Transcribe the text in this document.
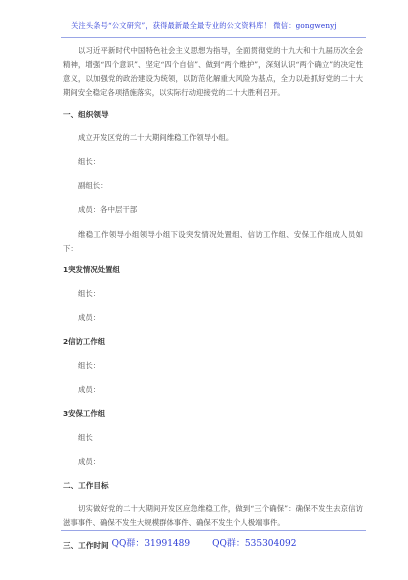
关注头条号“公文研究”，获得最新最全最专业的公文资料库！ 微信：gongwenyj

以习近平新时代中国特色社会主义思想为指导，全面贯彻党的十九大和十九届历次全会精神，增强“四个意识”、坚定“四个自信”、做到“两个维护”，深刻认识“两个确立”的决定性意义，以加强党的政治建设为统领，以防范化解重大风险为基点，全力以赴抓好党的二十大期间安全稳定各项措施落实，以实际行动迎接党的二十大胜利召开。

一、组织领导

成立开发区党的二十大期间维稳工作领导小组。

组长：

副组长：

成员：各中层干部

维稳工作领导小组领导小组下设突发情况处置组、信访工作组、安保工作组成人员如下：

1突发情况处置组

组长：

成员：

2信访工作组

组长：

成员：

3安保工作组

组长

成员：

二、工作目标

切实做好党的二十大期间开发区应急维稳工作，做到“三个确保”：确保不发生去京信访滋事事件、确保不发生大规模群体事件、确保不发生个人极端事件。

三、工作时间 QQ群：31991489 QQ群：535304092
